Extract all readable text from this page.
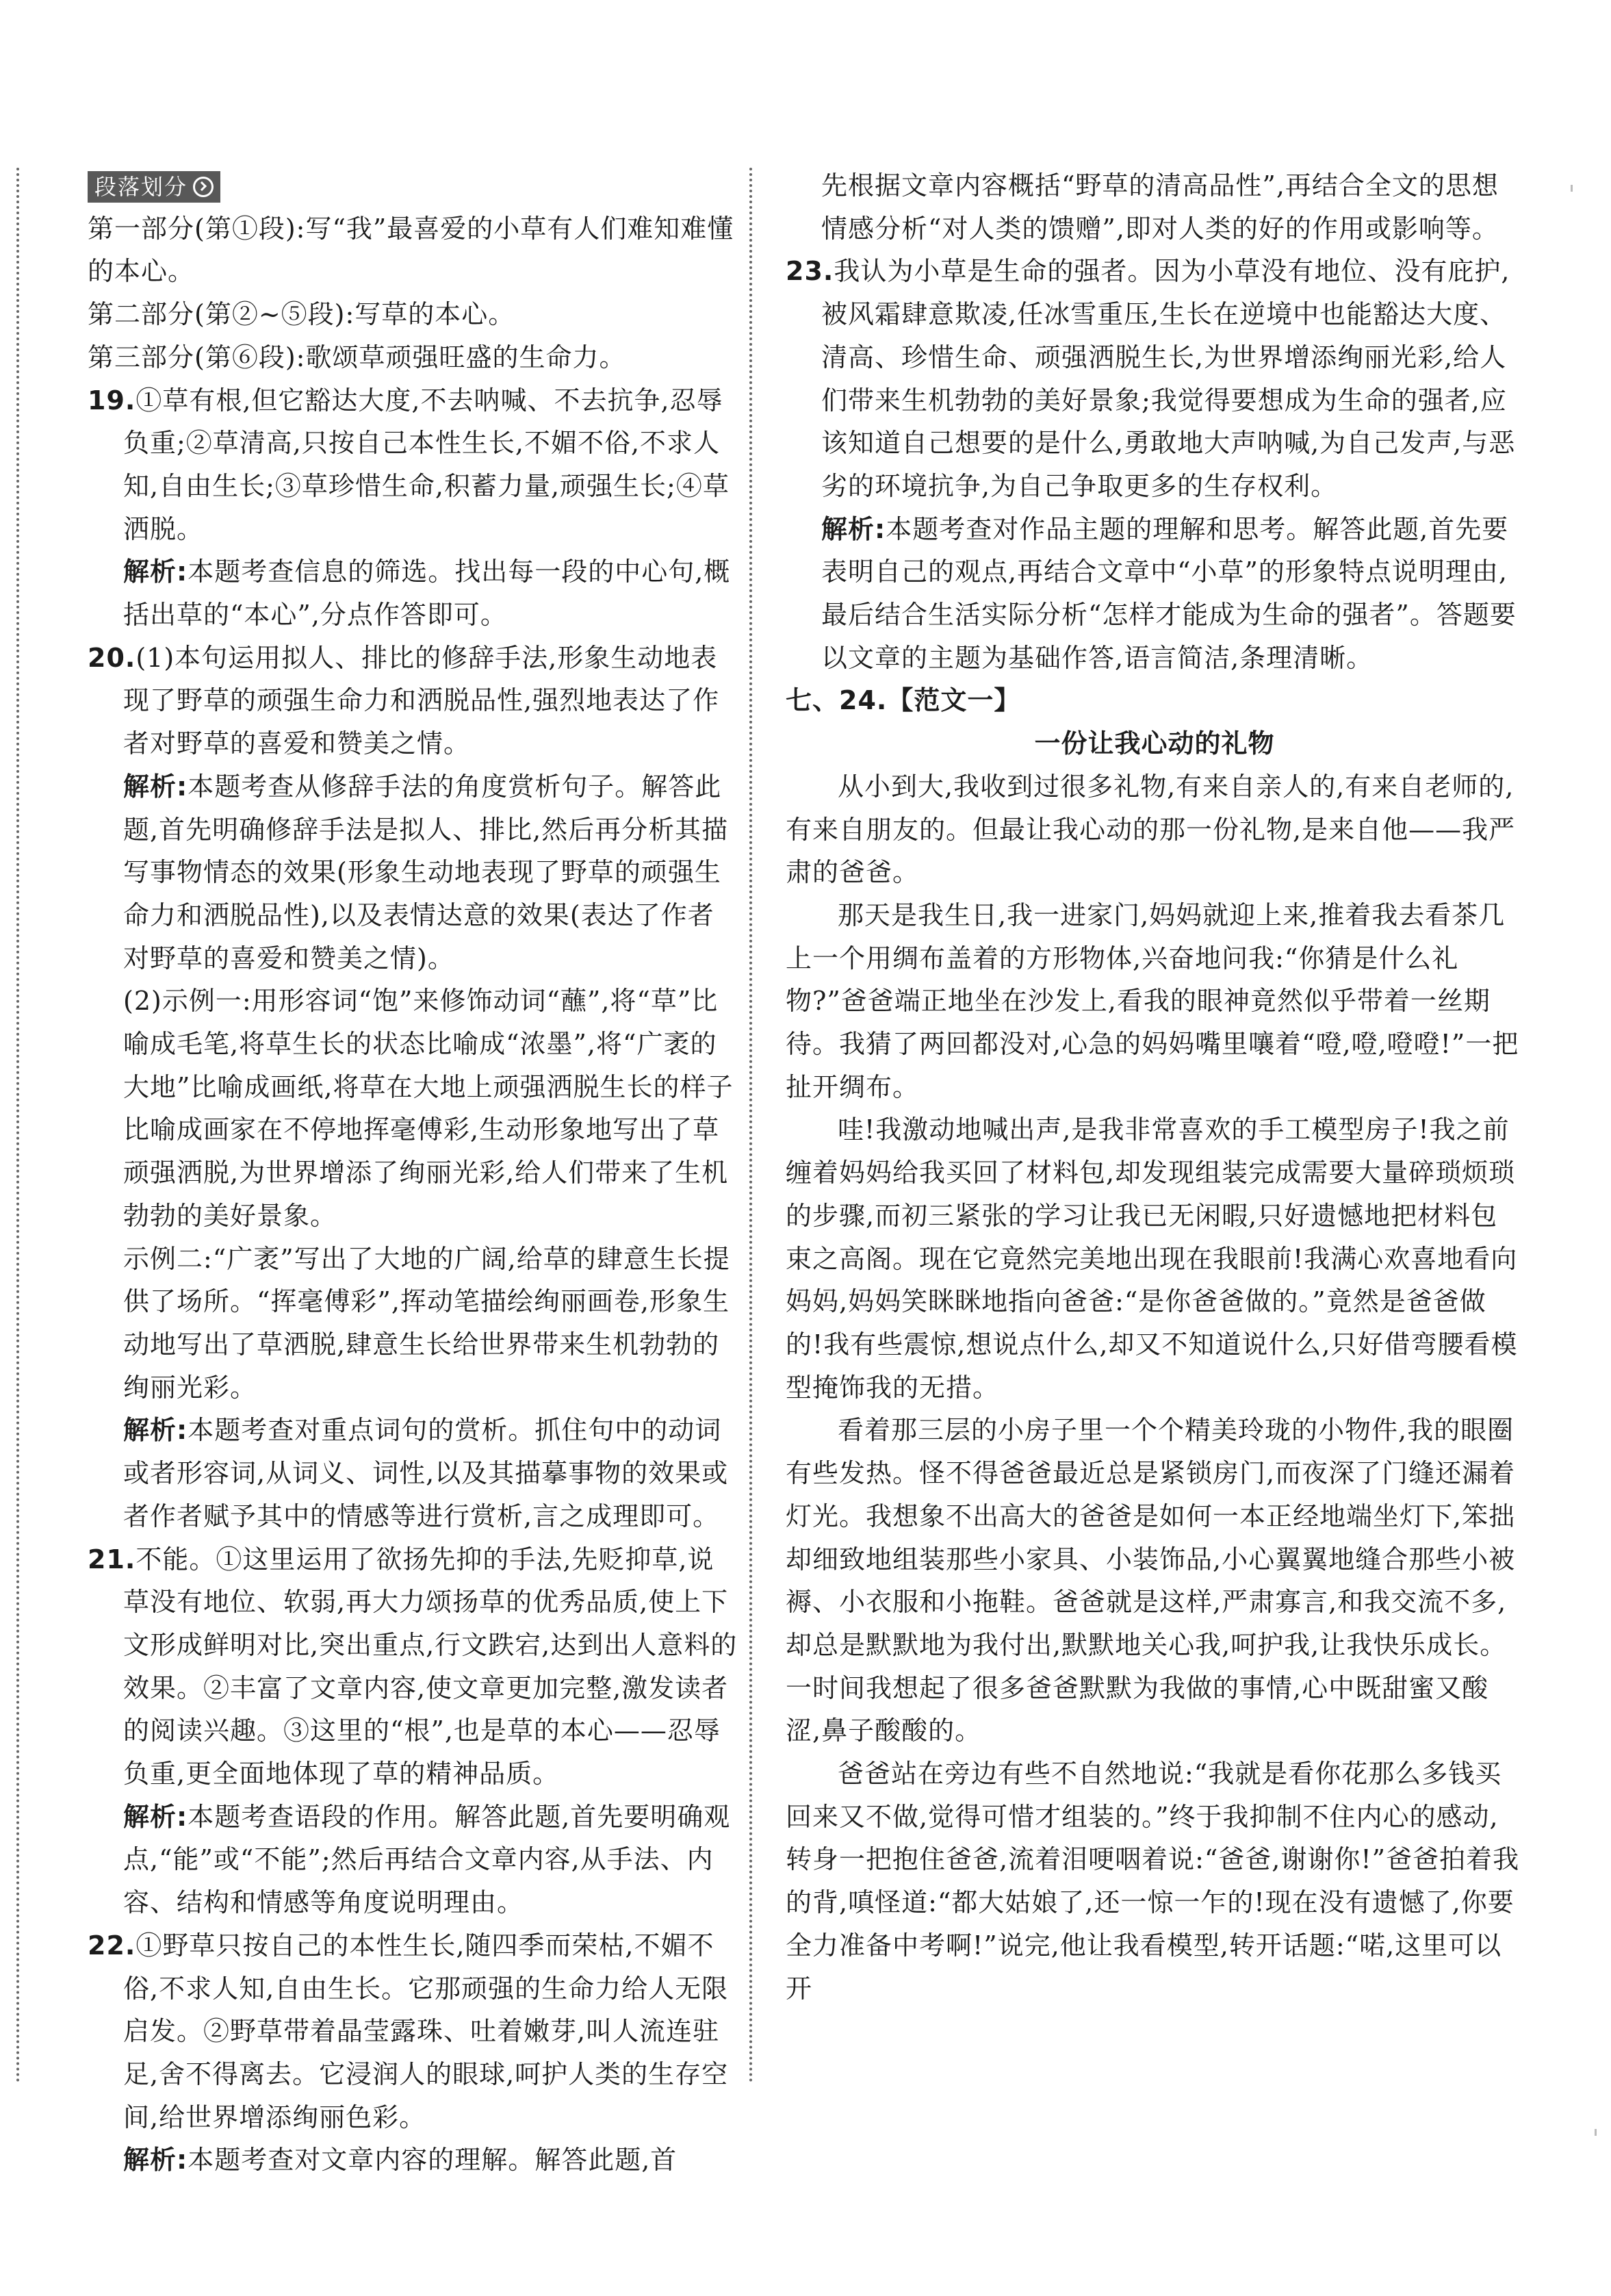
段落划分

第一部分(第①段):写“我”最喜爱的小草有人们难知难懂的本心。

第二部分(第②~⑤段):写草的本心。

第三部分(第⑥段):歌颂草顽强旺盛的生命力。

19.①草有根,但它豁达大度,不去呐喊、不去抗争,忍辱负重;②草清高,只按自己本性生长,不媚不俗,不求人知,自由生长;③草珍惜生命,积蓄力量,顽强生长;④草洒脱。

解析:本题考查信息的筛选。找出每一段的中心句,概括出草的“本心”,分点作答即可。

20.(1)本句运用拟人、排比的修辞手法,形象生动地表现了野草的顽强生命力和洒脱品性,强烈地表达了作者对野草的喜爱和赞美之情。

解析:本题考查从修辞手法的角度赏析句子。解答此题,首先明确修辞手法是拟人、排比,然后再分析其描写事物情态的效果(形象生动地表现了野草的顽强生命力和洒脱品性),以及表情达意的效果(表达了作者对野草的喜爱和赞美之情)。

(2)示例一:用形容词“饱”来修饰动词“蘸”,将“草”比喻成毛笔,将草生长的状态比喻成“浓墨”,将“广袤的大地”比喻成画纸,将草在大地上顽强洒脱生长的样子比喻成画家在不停地挥毫傅彩,生动形象地写出了草顽强洒脱,为世界增添了绚丽光彩,给人们带来了生机勃勃的美好景象。

示例二:“广袤”写出了大地的广阔,给草的肆意生长提供了场所。“挥毫傅彩”,挥动笔描绘绚丽画卷,形象生动地写出了草洒脱,肆意生长给世界带来生机勃勃的绚丽光彩。

解析:本题考查对重点词句的赏析。抓住句中的动词或者形容词,从词义、词性,以及其描摹事物的效果或者作者赋予其中的情感等进行赏析,言之成理即可。

21.不能。①这里运用了欲扬先抑的手法,先贬抑草,说草没有地位、软弱,再大力颂扬草的优秀品质,使上下文形成鲜明对比,突出重点,行文跌宕,达到出人意料的效果。②丰富了文章内容,使文章更加完整,激发读者的阅读兴趣。③这里的“根”,也是草的本心——忍辱负重,更全面地体现了草的精神品质。

解析:本题考查语段的作用。解答此题,首先要明确观点,“能”或“不能”;然后再结合文章内容,从手法、内容、结构和情感等角度说明理由。

22.①野草只按自己的本性生长,随四季而荣枯,不媚不俗,不求人知,自由生长。它那顽强的生命力给人无限启发。②野草带着晶莹露珠、吐着嫩芽,叫人流连驻足,舍不得离去。它浸润人的眼球,呵护人类的生存空间,给世界增添绚丽色彩。

解析:本题考查对文章内容的理解。解答此题,首

先根据文章内容概括“野草的清高品性”,再结合全文的思想情感分析“对人类的馈赠”,即对人类的好的作用或影响等。

23.我认为小草是生命的强者。因为小草没有地位、没有庇护,被风霜肆意欺凌,任冰雪重压,生长在逆境中也能豁达大度、清高、珍惜生命、顽强洒脱生长,为世界增添绚丽光彩,给人们带来生机勃勃的美好景象;我觉得要想成为生命的强者,应该知道自己想要的是什么,勇敢地大声呐喊,为自己发声,与恶劣的环境抗争,为自己争取更多的生存权利。

解析:本题考查对作品主题的理解和思考。解答此题,首先要表明自己的观点,再结合文章中“小草”的形象特点说明理由,最后结合生活实际分析“怎样才能成为生命的强者”。答题要以文章的主题为基础作答,语言简洁,条理清晰。

七、24.【范文一】

一份让我心动的礼物

从小到大,我收到过很多礼物,有来自亲人的,有来自老师的,有来自朋友的。但最让我心动的那一份礼物,是来自他——我严肃的爸爸。

那天是我生日,我一进家门,妈妈就迎上来,推着我去看茶几上一个用绸布盖着的方形物体,兴奋地问我:“你猜是什么礼物?”爸爸端正地坐在沙发上,看我的眼神竟然似乎带着一丝期待。我猜了两回都没对,心急的妈妈嘴里嚷着“噔,噔,噔噔!”一把扯开绸布。

哇!我激动地喊出声,是我非常喜欢的手工模型房子!我之前缠着妈妈给我买回了材料包,却发现组装完成需要大量碎琐烦琐的步骤,而初三紧张的学习让我已无闲暇,只好遗憾地把材料包束之高阁。现在它竟然完美地出现在我眼前!我满心欢喜地看向妈妈,妈妈笑眯眯地指向爸爸:“是你爸爸做的。”竟然是爸爸做的!我有些震惊,想说点什么,却又不知道说什么,只好借弯腰看模型掩饰我的无措。

看着那三层的小房子里一个个精美玲珑的小物件,我的眼圈有些发热。怪不得爸爸最近总是紧锁房门,而夜深了门缝还漏着灯光。我想象不出高大的爸爸是如何一本正经地端坐灯下,笨拙却细致地组装那些小家具、小装饰品,小心翼翼地缝合那些小被褥、小衣服和小拖鞋。爸爸就是这样,严肃寡言,和我交流不多,却总是默默地为我付出,默默地关心我,呵护我,让我快乐成长。一时间我想起了很多爸爸默默为我做的事情,心中既甜蜜又酸涩,鼻子酸酸的。

爸爸站在旁边有些不自然地说:“我就是看你花那么多钱买回来又不做,觉得可惜才组装的。”终于我抑制不住内心的感动,转身一把抱住爸爸,流着泪哽咽着说:“爸爸,谢谢你!”爸爸拍着我的背,嗔怪道:“都大姑娘了,还一惊一乍的!现在没有遗憾了,你要全力准备中考啊!”说完,他让我看模型,转开话题:“喏,这里可以开
